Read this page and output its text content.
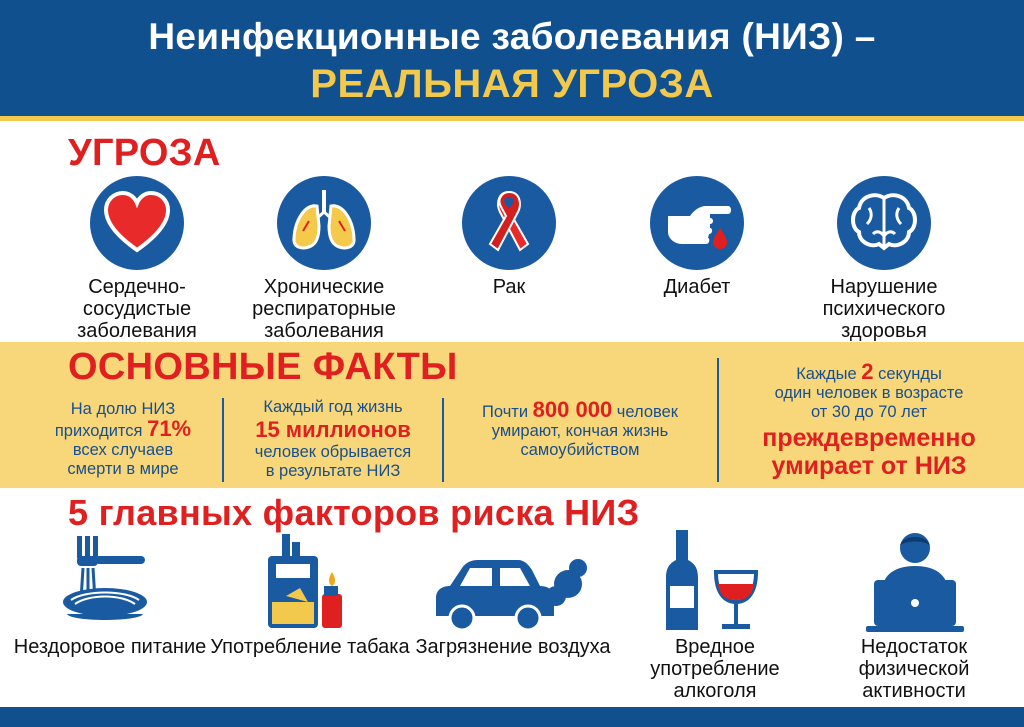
Неинфекционные заболевания (НИЗ) –
РЕАЛЬНАЯ УГРОЗА
УГРОЗА
Сердечно- сосудистые заболевания
Хронические респираторные заболевания
Рак	Диабет	Нарушение психического здоровья
ОСНОВНЫЕ ФАКТЫ
На долю НИЗ
приходится 71%
всех случаев
смерти в мире
Каждый год жизнь
15 миллионов
человек обрывается
в результате НИЗ
Почти 800 000 человек
умирают, кончая жизнь
самоубийством
Каждые 2 секунды
один человек в возрасте
от 30 до 70 лет
преждевременно
умирает от НИЗ
5 главных факторов риска НИЗ
Нездоровое питание Употребление табака Загрязнение воздуха	Вредное употребление алкоголя
Недостаток физической активности
